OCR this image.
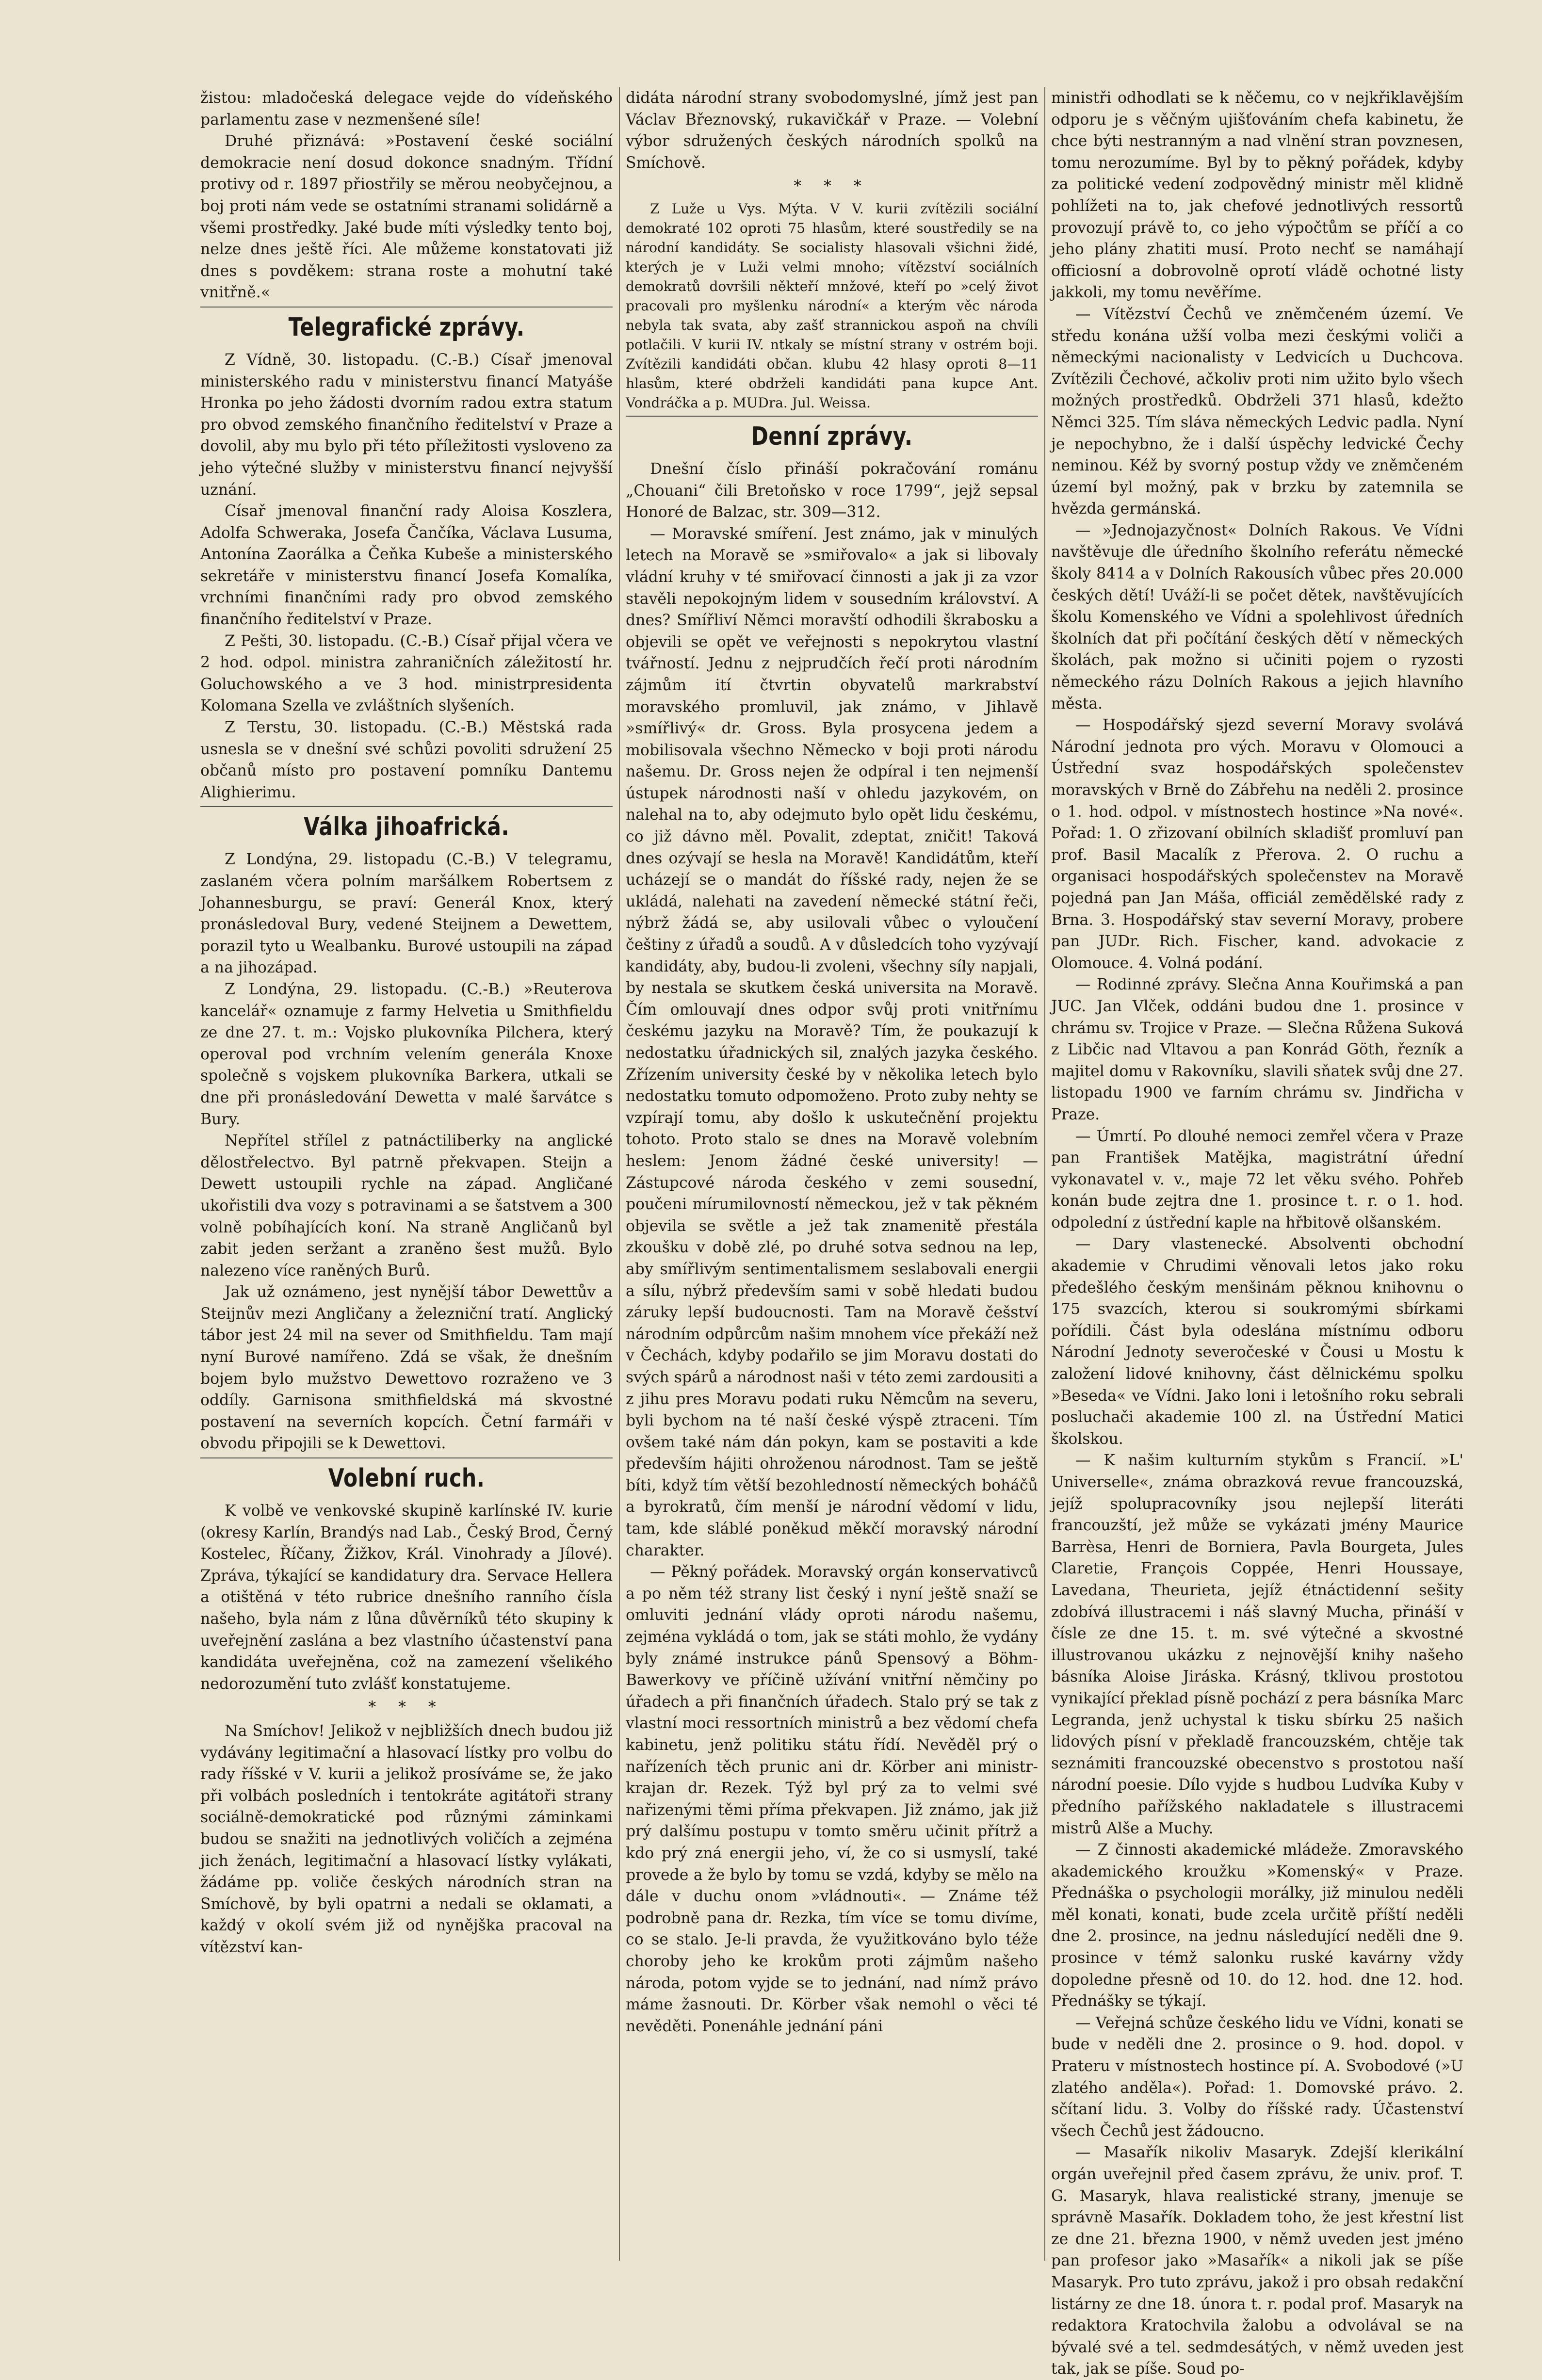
žistou: mladočeská delegace vejde do vídeňského parlamentu zase v nezmenšené síle!

Druhé přiznává: »Postavení české sociální demokracie není dosud dokonce snadným. Třídní protivy od r. 1897 přiostřily se měrou neobyčejnou, a boj proti nám vede se ostatními stranami solidárně a všemi prostředky. Jaké bude míti výsledky tento boj, nelze dnes ještě říci. Ale můžeme konstatovati již dnes s povděkem: strana roste a mohutní také vnitřně.«

Telegrafické zprávy.

Z Vídně, 30. listopadu. (C.-B.) Císař jmenoval ministerského radu v ministerstvu financí Matyáše Hronka po jeho žádosti dvorním radou extra statum pro obvod zemského finančního ředitelství v Praze a dovolil, aby mu bylo při této příležitosti vysloveno za jeho výtečné služby v ministerstvu financí nejvyšší uznání.

Císař jmenoval finanční rady Aloisa Koszlera, Adolfa Schweraka, Josefa Čančíka, Václava Lusuma, Antonína Zaorálka a Čeňka Kubeše a ministerského sekretáře v ministerstvu financí Josefa Komalíka, vrchními finančními rady pro obvod zemského finančního ředitelství v Praze.

Z Pešti, 30. listopadu. (C.-B.) Císař přijal včera ve 2 hod. odpol. ministra zahraničních záležitostí hr. Goluchowského a ve 3 hod. ministrpresidenta Kolomana Szella ve zvláštních slyšeních.

Z Terstu, 30. listopadu. (C.-B.) Městská rada usnesla se v dnešní své schůzi povoliti sdružení 25 občanů místo pro postavení pomníku Dantemu Alighierimu.

Válka jihoafrická.

Z Londýna, 29. listopadu (C.-B.) V telegramu, zaslaném včera polním maršálkem Robertsem z Johannesburgu, se praví: Generál Knox, který pronásledoval Bury, vedené Steijnem a Dewettem, porazil tyto u Wealbanku. Burové ustoupili na západ a na jihozápad.

Z Londýna, 29. listopadu. (C.-B.) »Reuterova kancelář« oznamuje z farmy Helvetia u Smithfieldu ze dne 27. t. m.: Vojsko plukovníka Pilchera, který operoval pod vrchním velením generála Knoxe společně s vojskem plukovníka Barkera, utkali se dne při pronásledování Dewetta v malé šarvátce s Bury.

Nepřítel střílel z patnáctiliberky na anglické dělostřelectvo. Byl patrně překvapen. Steijn a Dewett ustoupili rychle na západ. Angličané ukořistili dva vozy s potravinami a se šatstvem a 300 volně pobíhajících koní. Na straně Angličanů byl zabit jeden seržant a zraněno šest mužů. Bylo nalezeno více raněných Burů.

Jak už oznámeno, jest nynější tábor Dewettův a Steijnův mezi Angličany a železniční tratí. Anglický tábor jest 24 mil na sever od Smithfieldu. Tam mají nyní Burové namířeno. Zdá se však, že dnešním bojem bylo mužstvo Dewettovo rozraženo ve 3 oddíly. Garnisona smithfieldská má skvostné postavení na severních kopcích. Četní farmáři v obvodu připojili se k Dewettovi.

Volební ruch.

K volbě ve venkovské skupině karlínské IV. kurie (okresy Karlín, Brandýs nad Lab., Český Brod, Černý Kostelec, Říčany, Žižkov, Král. Vinohrady a Jílové). Zpráva, týkající se kandidatury dra. Servace Hellera a otištěná v této rubrice dnešního ranního čísla našeho, byla nám z lůna důvěrníků této skupiny k uveřejnění zaslána a bez vlastního účastenství pana kandidáta uveřejněna, což na zamezení všelikého nedorozumění tuto zvlášť konstatujeme.

* * *

Na Smíchov! Jelikož v nejbližších dnech budou již vydávány legitimační a hlasovací lístky pro volbu do rady říšské v V. kurii a jelikož prosíváme se, že jako při volbách posledních i tentokráte agitátoři strany sociálně-demokratické pod různými záminkami budou se snažiti na jednotlivých voličích a zejména jich ženách, legitimační a hlasovací lístky vylákati, žádáme pp. voliče českých národních stran na Smíchově, by byli opatrni a nedali se oklamati, a každý v okolí svém již od nynějška pracoval na vítězství kan-

didáta národní strany svobodomyslné, jímž jest pan Václav Březnovský, rukavičkář v Praze. — Volební výbor sdružených českých národních spolků na Smíchově.

* * *

Z Luže u Vys. Mýta. V V. kurii zvítězili sociální demokraté 102 oproti 75 hlasům, které soustředily se na národní kandidáty. Se socialisty hlasovali všichni židé, kterých je v Luži velmi mnoho; vítězství sociálních demokratů dovršili někteří mnžové, kteří po »celý život pracovali pro myšlenku národní« a kterým věc národa nebyla tak svata, aby zašť strannickou aspoň na chvíli potlačili. V kurii IV. ntkaly se místní strany v ostrém boji. Zvítězili kandidáti občan. klubu 42 hlasy oproti 8—11 hlasům, které obdrželi kandidáti pana kupce Ant. Vondráčka a p. MUDra. Jul. Weissa.

Denní zprávy.

Dnešní číslo přináší pokračování románu „Chouani“ čili Bretoňsko v roce 1799“, jejž sepsal Honoré de Balzac, str. 309—312.

— Moravské smíření. Jest známo, jak v minulých letech na Moravě se »smiřovalo« a jak si libovaly vládní kruhy v té smiřovací činnosti a jak ji za vzor stavěli nepokojným lidem v sousedním království. A dnes? Smířliví Němci moravští odhodili škrabosku a objevili se opět ve veřejnosti s nepokrytou vlastní tvářností. Jednu z nejprudčích řečí proti národním zájmům ití čtvrtin obyvatelů markrabství moravského promluvil, jak známo, v Jihlavě »smířlivý« dr. Gross. Byla prosycena jedem a mobilisovala všechno Německo v boji proti národu našemu. Dr. Gross nejen že odpíral i ten nejmenší ústupek národnosti naší v ohledu jazykovém, on nalehal na to, aby odejmuto bylo opět lidu českému, co již dávno měl. Povalit, zdeptat, zničit! Taková dnes ozývají se hesla na Moravě! Kandidátům, kteří ucházejí se o mandát do říšské rady, nejen že se ukládá, nalehati na zavedení německé státní řeči, nýbrž žádá se, aby usilovali vůbec o vyloučení češtiny z úřadů a soudů. A v důsledcích toho vyzývají kandidáty, aby, budou-li zvoleni, všechny síly napjali, by nestala se skutkem česká universita na Moravě. Čím omlouvají dnes odpor svůj proti vnitřnímu českému jazyku na Moravě? Tím, že poukazují k nedostatku úřadnických sil, znalých jazyka českého. Zřízením university české by v několika letech bylo nedostatku tomuto odpomoženo. Proto zuby nehty se vzpírají tomu, aby došlo k uskutečnění projektu tohoto. Proto stalo se dnes na Moravě volebním heslem: Jenom žádné české university! — Zástupcové národa českého v zemi sousední, poučeni mírumilovností německou, jež v tak pěkném objevila se světle a jež tak znamenitě přestála zkoušku v době zlé, po druhé sotva sednou na lep, aby smířlivým sentimentalismem seslabovali energii a sílu, nýbrž především sami v sobě hledati budou záruky lepší budoucnosti. Tam na Moravě češství národním odpůrcům našim mnohem více překáží než v Čechách, kdyby podařilo se jim Moravu dostati do svých spárů a národnost naši v této zemi zardousiti a z jihu pres Moravu podati ruku Němcům na severu, byli bychom na té naší české výspě ztraceni. Tím ovšem také nám dán pokyn, kam se postaviti a kde především hájiti ohroženou národnost. Tam se ještě bíti, když tím větší bezohledností německých boháčů a byrokratů, čím menší je národní vědomí v lidu, tam, kde sláblé poněkud měkčí moravský národní charakter.

— Pěkný pořádek. Moravský orgán konservativců a po něm též strany list český i nyní ještě snaží se omluviti jednání vlády oproti národu našemu, zejména vykládá o tom, jak se státi mohlo, že vydány byly známé instrukce pánů Spensový a Böhm-Bawerkovy ve příčině užívání vnitřní němčiny po úřadech a při finančních úřadech. Stalo prý se tak z vlastní moci ressortních ministrů a bez vědomí chefa kabinetu, jenž politiku státu řídí. Nevěděl prý o nařízeních těch prunic ani dr. Körber ani ministr-krajan dr. Rezek. Týž byl prý za to velmi své nařizenými těmi příma překvapen. Již známo, jak již prý dalšímu postupu v tomto směru učinit přítrž a kdo prý zná energii jeho, ví, že co si usmyslí, také provede a že bylo by tomu se vzdá, kdyby se mělo na dále v duchu onom »vládnouti«. — Známe též podrobně pana dr. Rezka, tím více se tomu divíme, co se stalo. Je-li pravda, že využitkováno bylo téže choroby jeho ke krokům proti zájmům našeho národa, potom vyjde se to jednání, nad nímž právo máme žasnouti. Dr. Körber však nemohl o věci té nevěděti. Ponenáhle jednání páni

ministři odhodlati se k něčemu, co v nejkřiklavějším odporu je s věčným ujišťováním chefa kabinetu, že chce býti nestranným a nad vlnění stran povznesen, tomu nerozumíme. Byl by to pěkný pořádek, kdyby za politické vedení zodpovědný ministr měl klidně pohlížeti na to, jak chefové jednotlivých ressortů provozují právě to, co jeho výpočtům se příčí a co jeho plány zhatiti musí. Proto nechť se namáhají officiosní a dobrovolně oprotí vládě ochotné listy jakkoli, my tomu nevěříme.

— Vítězství Čechů ve zněmčeném území. Ve středu konána užší volba mezi českými voliči a německými nacionalisty v Ledvicích u Duchcova. Zvítězili Čechové, ačkoliv proti nim užito bylo všech možných prostředků. Obdrželi 371 hlasů, kdežto Němci 325. Tím sláva německých Ledvic padla. Nyní je nepochybno, že i další úspěchy ledvické Čechy neminou. Kéž by svorný postup vždy ve zněmčeném území byl možný, pak v brzku by zatemnila se hvězda germánská.

— »Jednojazyčnost« Dolních Rakous. Ve Vídni navštěvuje dle úředního školního referátu německé školy 8414 a v Dolních Rakousích vůbec přes 20.000 českých dětí! Uváží-li se počet dětek, navštěvujících školu Komenského ve Vídni a spolehlivost úředních školních dat při počítání českých dětí v německých školách, pak možno si učiniti pojem o ryzosti německého rázu Dolních Rakous a jejich hlavního města.

— Hospodářský sjezd severní Moravy svolává Národní jednota pro vých. Moravu v Olomouci a Ústřední svaz hospodářských společenstev moravských v Brně do Zábřehu na neděli 2. prosince o 1. hod. odpol. v místnostech hostince »Na nové«. Pořad: 1. O zřizovaní obilních skladišť promluví pan prof. Basil Macalík z Přerova. 2. O ruchu a organisaci hospodářských společenstev na Moravě pojedná pan Jan Máša, officiál zemědělské rady z Brna. 3. Hospodářský stav severní Moravy, probere pan JUDr. Rich. Fischer, kand. advokacie z Olomouce. 4. Volná podání.

— Rodinné zprávy. Slečna Anna Kouřimská a pan JUC. Jan Vlček, oddáni budou dne 1. prosince v chrámu sv. Trojice v Praze. — Slečna Růžena Suková z Libčic nad Vltavou a pan Konrád Göth, řezník a majitel domu v Rakovníku, slavili sňatek svůj dne 27. listopadu 1900 ve farním chrámu sv. Jindřicha v Praze.

— Úmrtí. Po dlouhé nemoci zemřel včera v Praze pan František Matějka, magistrátní úřední vykonavatel v. v., maje 72 let věku svého. Pohřeb konán bude zejtra dne 1. prosince t. r. o 1. hod. odpolední z ústřední kaple na hřbitově olšanském.

— Dary vlastenecké. Absolventi obchodní akademie v Chrudimi věnovali letos jako roku předešlého českým menšinám pěknou knihovnu o 175 svazcích, kterou si soukromými sbírkami pořídili. Část byla odeslána místnímu odboru Národní Jednoty severočeské v Čousi u Mostu k založení lidové knihovny, část dělnickému spolku »Beseda« ve Vídni. Jako loni i letošního roku sebrali posluchači akademie 100 zl. na Ústřední Matici školskou.

— K našim kulturním stykům s Francií. »L' Universelle«, známa obrazková revue francouzská, jejíž spolupracovníky jsou nejlepší literáti francouzští, jež může se vykázati jmény Maurice Barrèsa, Henri de Borniera, Pavla Bourgeta, Jules Claretie, François Coppée, Henri Houssaye, Lavedana, Theurieta, jejíž étnáctidenní sešity zdobívá illustracemi i náš slavný Mucha, přináší v čísle ze dne 15. t. m. své výtečné a skvostné illustrovanou ukázku z nejnovější knihy našeho básníka Aloise Jiráska. Krásný, tklivou prostotou vynikající překlad písně pochází z pera básníka Marc Legranda, jenž uchystal k tisku sbírku 25 našich lidových písní v překladě francouzském, chtěje tak seznámiti francouzské obecenstvo s prostotou naší národní poesie. Dílo vyjde s hudbou Ludvíka Kuby v předního pařížského nakladatele s illustracemi mistrů Alše a Muchy.

— Z činnosti akademické mládeže. Zmoravského akademického kroužku »Komenský« v Praze. Přednáška o psychologii morálky, již minulou neděli měl konati, konati, bude zcela určitě příští neděli dne 2. prosince, na jednu následující neděli dne 9. prosince v témž salonku ruské kavárny vždy dopoledne přesně od 10. do 12. hod. dne 12. hod. Přednášky se týkají.

— Veřejná schůze českého lidu ve Vídni, konati se bude v neděli dne 2. prosince o 9. hod. dopol. v Prateru v místnostech hostince pí. A. Svobodové (»U zlatého anděla«). Pořad: 1. Domovské právo. 2. sčítaní lidu. 3. Volby do říšské rady. Účastenství všech Čechů jest žádoucno.

— Masařík nikoliv Masaryk. Zdejší klerikální orgán uveřejnil před časem zprávu, že univ. prof. T. G. Masaryk, hlava realistické strany, jmenuje se správně Masařík. Dokladem toho, že jest křestní list ze dne 21. března 1900, v němž uveden jest jméno pan profesor jako »Masařík« a nikoli jak se píše Masaryk. Pro tuto zprávu, jakož i pro obsah redakční listárny ze dne 18. února t. r. podal prof. Masaryk na redaktora Kratochvila žalobu a odvolával se na bývalé své a tel. sedmdesátých, v němž uveden jest tak, jak se píše. Soud po-
